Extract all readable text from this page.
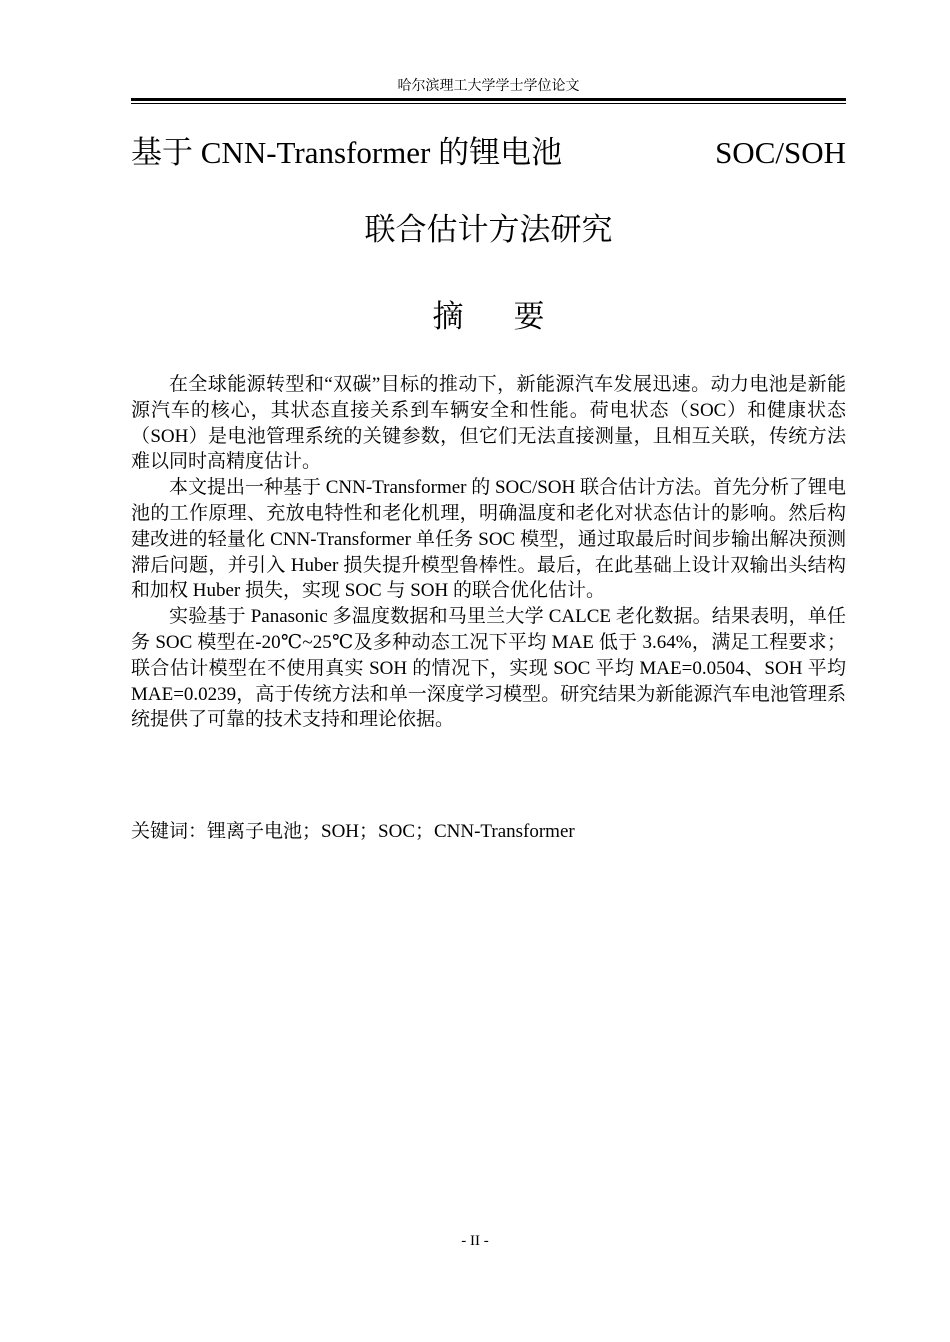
哈尔滨理工大学学士学位论文
基于 CNN-Transformer 的锂电池	SOC/SOH
联合估计方法研究
摘 要

在全球能源转型和“双碳”目标的推动下，新能源汽车发展迅速。动力电池是新能源汽车的核心，其状态直接关系到车辆安全和性能。荷电状态（SOC）和健康状态（SOH）是电池管理系统的关键参数，但它们无法直接测量，且相互关联，传统方法难以同时高精度估计。

本文提出一种基于 CNN-Transformer 的 SOC/SOH 联合估计方法。首先分析了锂电池的工作原理、充放电特性和老化机理，明确温度和老化对状态估计的影响。然后构建改进的轻量化 CNN-Transformer 单任务 SOC 模型，通过取最后时间步输出解决预测滞后问题，并引入 Huber 损失提升模型鲁棒性。最后，在此基础上设计双输出头结构和加权 Huber 损失，实现 SOC 与 SOH 的联合优化估计。

实验基于 Panasonic 多温度数据和马里兰大学 CALCE 老化数据。结果表明，单任务 SOC 模型在-20℃~25℃及多种动态工况下平均 MAE 低于 3.64%，满足工程要求；联合估计模型在不使用真实 SOH 的情况下，实现 SOC 平均 MAE=0.0504、SOH 平均 MAE=0.0239，高于传统方法和单一深度学习模型。研究结果为新能源汽车电池管理系统提供了可靠的技术支持和理论依据。

关键词：锂离子电池；SOH；SOC；CNN-Transformer
- II -
